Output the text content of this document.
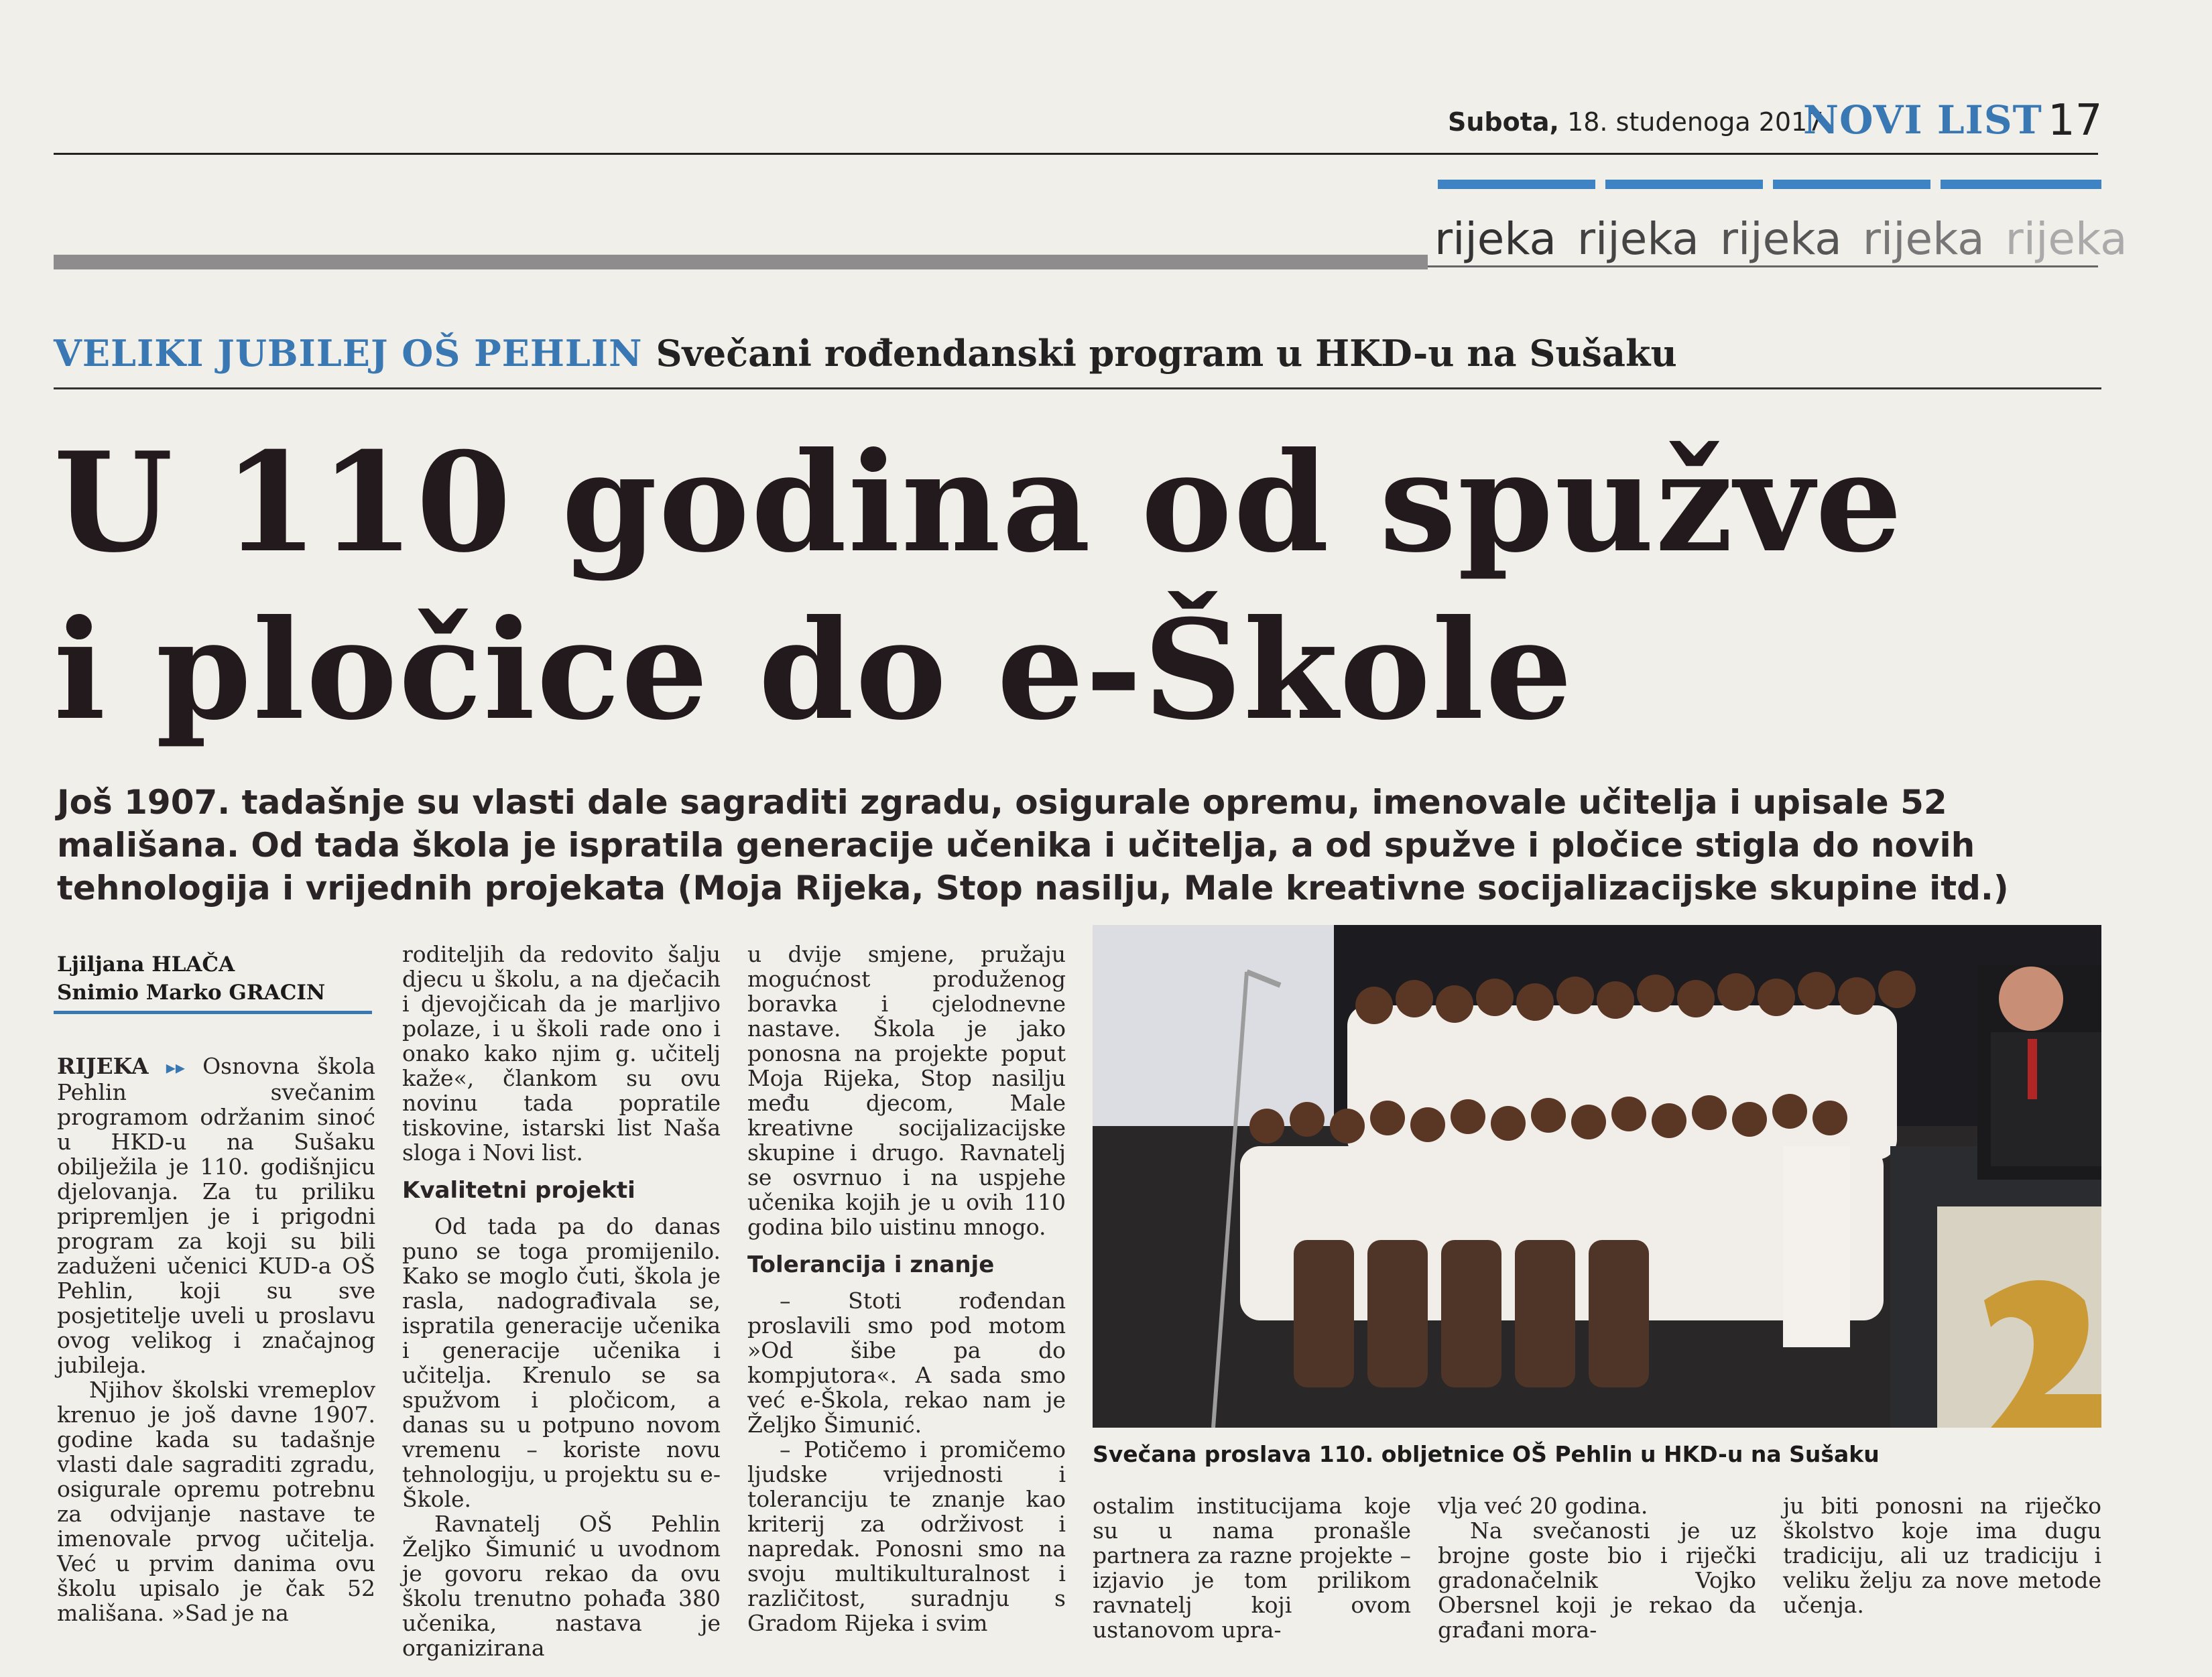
Subota, 18. studenoga 2017.
NOVI LIST 17
rijeka rijeka rijeka rijeka rijeka
VELIKI JUBILEJ OŠ PEHLIN Svečani rođendanski program u HKD-u na Sušaku
U 110 godina od spužve
i pločice do e-Škole
Još 1907. tadašnje su vlasti dale sagraditi zgradu, osigurale opremu, imenovale učitelja i upisale 52 mališana. Od tada škola je ispratila generacije učenika i učitelja, a od spužve i pločice stigla do novih tehnologija i vrijednih projekata (Moja Rijeka, Stop nasilju, Male kreativne socijalizacijske skupine itd.)
Ljiljana HLAČA
Snimio Marko GRACIN

RIJEKA ▸▸ Osnovna škola Pehlin svečanim programom održanim sinoć u HKD-u na Sušaku obilježila je 110. godišnjicu djelovanja. Za tu priliku pripremljen je i prigodni program za koji su bili zaduženi učenici KUD-a OŠ Pehlin, koji su sve posjetitelje uveli u proslavu ovog velikog i značajnog jubileja.

Njihov školski vremeplov krenuo je još davne 1907. godine kada su tadašnje vlasti dale sagraditi zgradu, osigurale opremu potrebnu za odvijanje nastave te imenovale prvog učitelja. Već u prvim danima ovu školu upisalo je čak 52 mališana. »Sad je na

roditeljih da redovito šalju djecu u školu, a na dječacih i djevojčicah da je marljivo polaze, i u školi rade ono i onako kako njim g. učitelj kaže«, člankom su ovu novinu tada popratile tiskovine, istarski list Naša sloga i Novi list.

Kvalitetni projekti

Od tada pa do danas puno se toga promijenilo. Kako se moglo čuti, škola je rasla, nadograđivala se, ispratila generacije učenika i generacije učenika i učitelja. Krenulo se sa spužvom i pločicom, a danas su u potpuno novom vremenu – koriste novu tehnologiju, u projektu su e-Škole.

Ravnatelj OŠ Pehlin Željko Šimunić u uvodnom je govoru rekao da ovu školu trenutno pohađa 380 učenika, nastava je organizirana

u dvije smjene, pružaju mogućnost produženog boravka i cjelodnevne nastave. Škola je jako ponosna na projekte poput Moja Rijeka, Stop nasilju među djecom, Male kreativne socijalizacijske skupine i drugo. Ravnatelj se osvrnuo i na uspjehe učenika kojih je u ovih 110 godina bilo uistinu mnogo.

Tolerancija i znanje

– Stoti rođendan proslavili smo pod motom »Od šibe pa do kompjutora«. A sada smo već e-Škola, rekao nam je Željko Šimunić.

– Potičemo i promičemo ljudske vrijednosti i toleranciju te znanje kao kriterij za održivost i napredak. Ponosni smo na svoju multikulturalnost i različitost, suradnju s Gradom Rijeka i svim

Svečana proslava 110. obljetnice OŠ Pehlin u HKD-u na Sušaku

ostalim institucijama koje su u nama pronašle partnera za razne projekte – izjavio je tom prilikom ravnatelj koji ovom ustanovom upra-

vlja već 20 godina.

Na svečanosti je uz brojne goste bio i riječki gradonačelnik Vojko Obersnel koji je rekao da građani mora-

ju biti ponosni na riječko školstvo koje ima dugu tradiciju, ali uz tradiciju i veliku želju za nove metode učenja.
